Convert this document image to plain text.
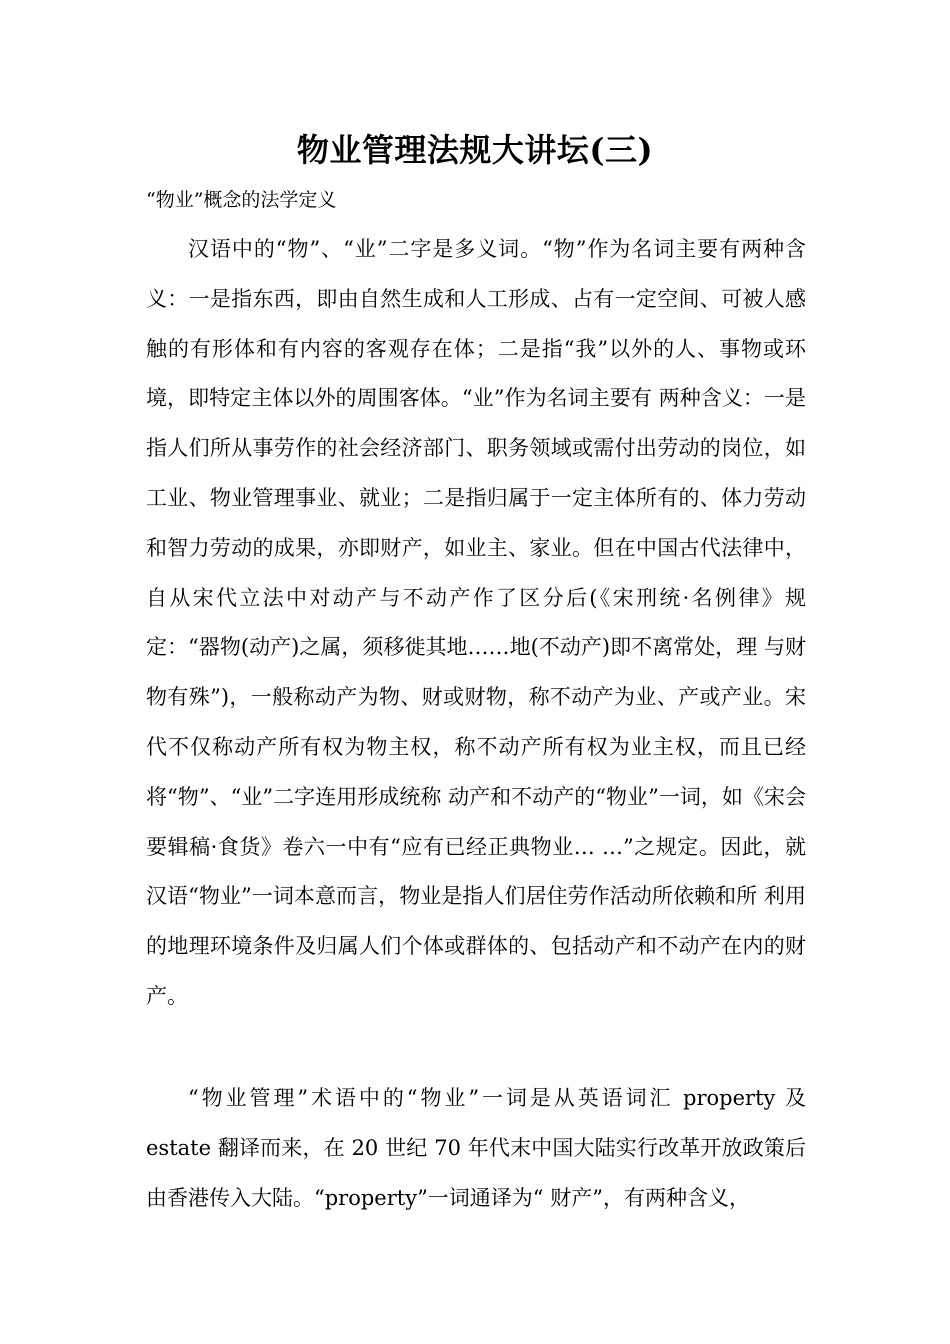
物业管理法规大讲坛(三)

“物业”概念的法学定义

汉语中的“物”、“业”二字是多义词。“物”作为名词主要有两种含义：一是指东西，即由自然生成和人工形成、占有一定空间、可被人感触的有形体和有内容的客观存在体；二是指“我”以外的人、事物或环境，即特定主体以外的周围客体。“业”作为名词主要有 两种含义：一是指人们所从事劳作的社会经济部门、职务领域或需付出劳动的岗位，如工业、物业管理事业、就业；二是指归属于一定主体所有的、体力劳动和智力劳动的成果，亦即财产，如业主、家业。但在中国古代法律中，自从宋代立法中对动产与不动产作了区分后(《宋刑统·名例律》规定：“器物(动产)之属，须移徙其地……地(不动产)即不离常处，理 与财物有殊”)，一般称动产为物、财或财物，称不动产为业、产或产业。宋代不仅称动产所有权为物主权，称不动产所有权为业主权，而且已经将“物”、“业”二字连用形成统称 动产和不动产的“物业”一词，如《宋会要辑稿·食货》卷六一中有“应有已经正典物业… …”之规定。因此，就汉语“物业”一词本意而言，物业是指人们居住劳作活动所依赖和所 利用的地理环境条件及归属人们个体或群体的、包括动产和不动产在内的财产。

“物业管理”术语中的“物业”一词是从英语词汇 property 及 estate 翻译而来，在 20 世纪 70 年代末中国大陆实行改革开放政策后由香港传入大陆。“property”一词通译为“ 财产”，有两种含义，
